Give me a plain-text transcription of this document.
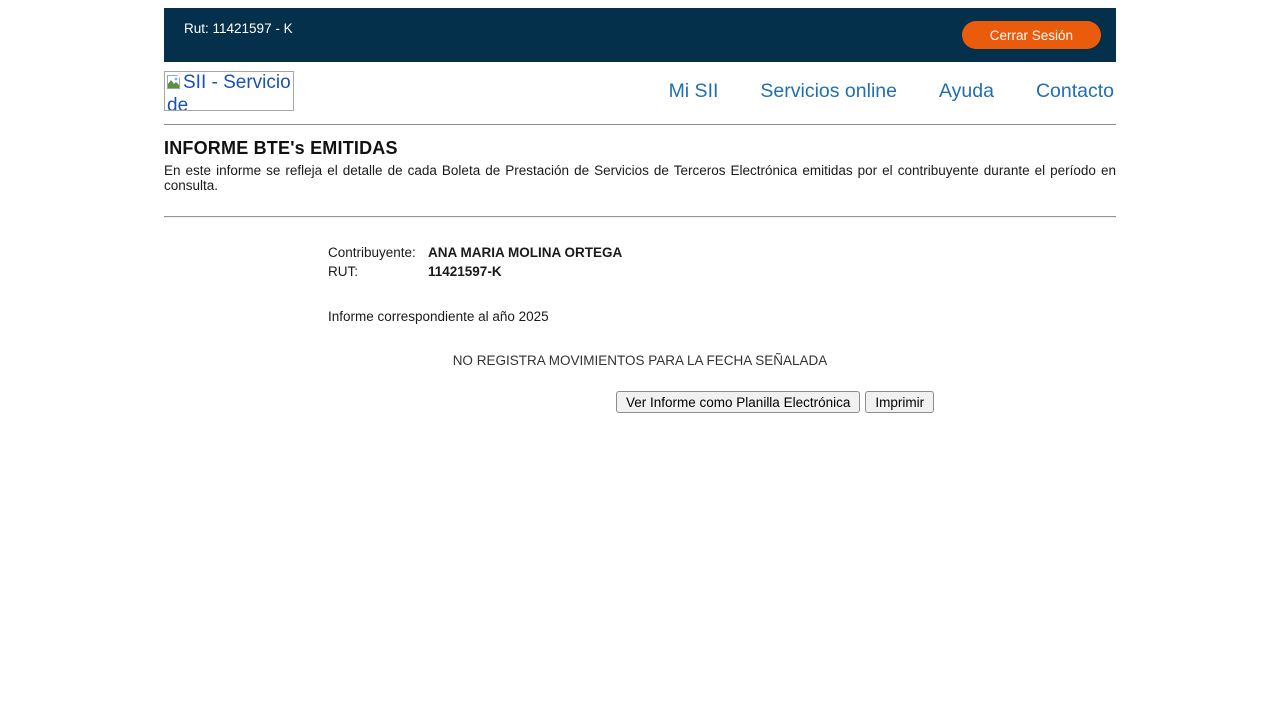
Rut: 11421597 - K	Cerrar Sesión
SII - Servicio de
Mi SII Servicios online Ayuda Contacto
INFORME BTE's EMITIDAS

En este informe se refleja el detalle de cada Boleta de Prestación de Servicios de Terceros Electrónica emitidas por el contribuyente durante el período en consulta.

Contribuyente: ANA MARIA MOLINA ORTEGA
RUT:	11421597-K
Informe correspondiente al año 2025
NO REGISTRA MOVIMIENTOS PARA LA FECHA SEÑALADA
Ver Informe como Planilla Electrónica	Imprimir
